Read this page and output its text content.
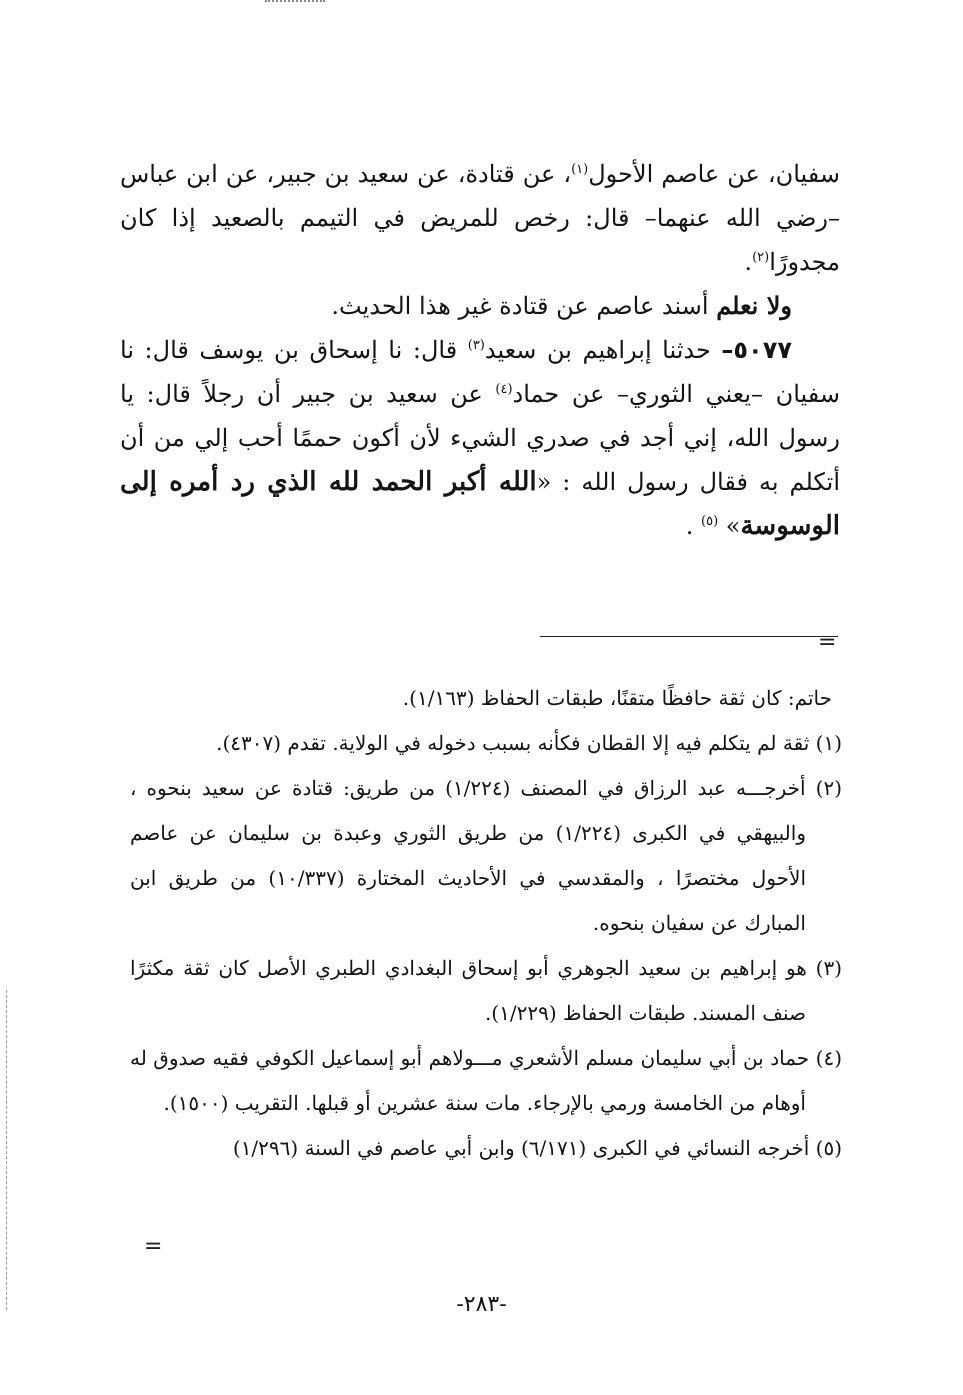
سفيان، عن عاصم الأحول$^{(١)}$، عن قتادة، عن سعيد بن جبير، عن ابن عباس –رضي الله عنهما– قال: رخص للمريض في التيمم بالصعيد إذا كان مجدورًا$^{(٢)}$.

ولا نعلم أسند عاصم عن قتادة غير هذا الحديث.

٥٠٧٧– حدثنا إبراهيم بن سعيد$^{(٣)}$ قال: نا إسحاق بن يوسف قال: نا سفيان –يعني الثوري– عن حماد$^{(٤)}$ عن سعيد بن جبير أن رجلاً قال: يا رسول الله، إني أجد في صدري الشيء لأن أكون حممًا أحب إلي من أن أتكلم به فقال رسول الله : «الله أكبر الحمد لله الذي رد أمره إلى الوسوسة» $^{(٥)}$ .

=

حاتم: كان ثقة حافظًا متقنًا، طبقات الحفاظ (١/١٦٣).

(١) ثقة لم يتكلم فيه إلا القطان فكأنه بسبب دخوله في الولاية. تقدم (٤٣٠٧).

(٢) أخرجـــه عبد الرزاق في المصنف (١/٢٢٤) من طريق: قتادة عن سعيد بنحوه ، والبيهقي في الكبرى (١/٢٢٤) من طريق الثوري وعبدة بن سليمان عن عاصم الأحول مختصرًا ، والمقدسي في الأحاديث المختارة (١٠/٣٣٧) من طريق ابن المبارك عن سفيان بنحوه.

(٣) هو إبراهيم بن سعيد الجوهري أبو إسحاق البغدادي الطبري الأصل كان ثقة مكثرًا صنف المسند. طبقات الحفاظ (١/٢٢٩).

(٤) حماد بن أبي سليمان مسلم الأشعري مـــولاهم أبو إسماعيل الكوفي فقيه صدوق له أوهام من الخامسة ورمي بالإرجاء. مات سنة عشرين أو قبلها. التقريب (١٥٠٠).

(٥) أخرجه النسائي في الكبرى (٦/١٧١) وابن أبي عاصم في السنة (١/٢٩٦)

=
-٢٨٣-
